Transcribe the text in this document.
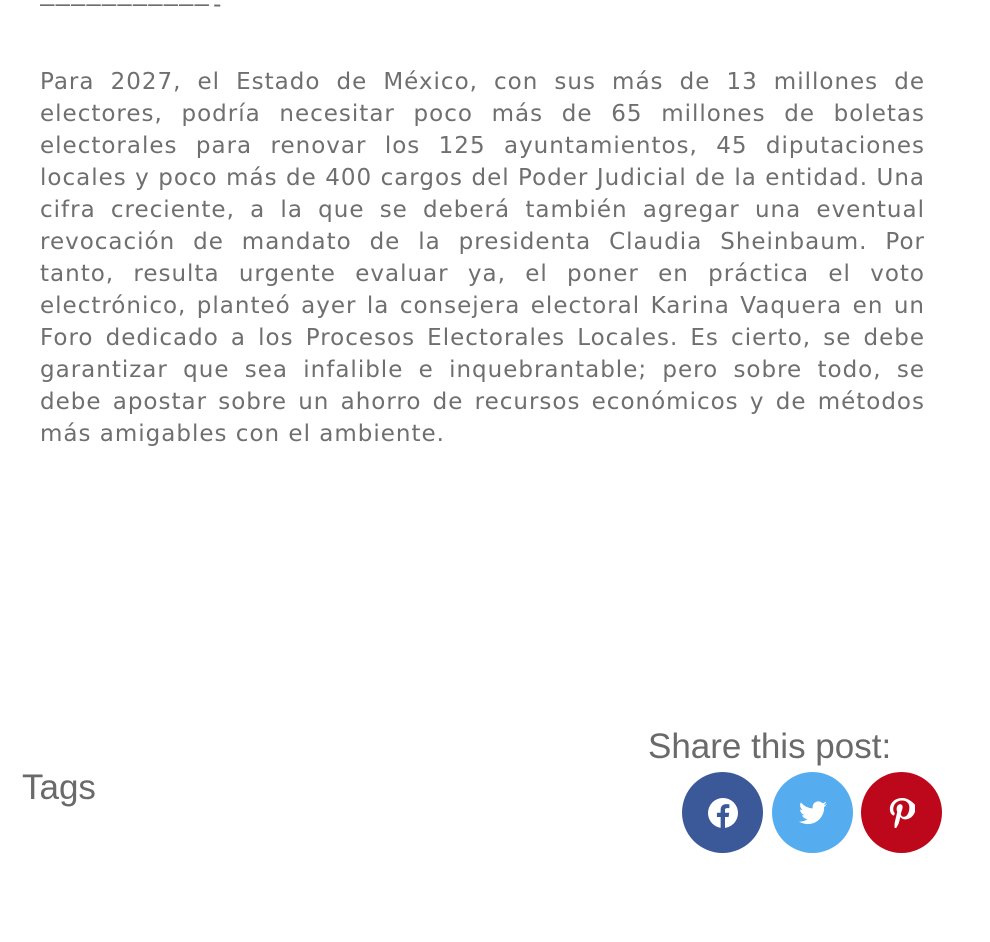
———————————-

Para 2027, el Estado de México, con sus más de 13 millones de electores, podría necesitar poco más de 65 millones de boletas electorales para renovar los 125 ayuntamientos, 45 diputaciones locales y poco más de 400 cargos del Poder Judicial de la entidad. Una cifra creciente, a la que se deberá también agregar una eventual revocación de mandato de la presidenta Claudia Sheinbaum. Por tanto, resulta urgente evaluar ya, el poner en práctica el voto electrónico, planteó ayer la consejera electoral Karina Vaquera en un Foro dedicado a los Procesos Electorales Locales. Es cierto, se debe garantizar que sea infalible e inquebrantable; pero sobre todo, se debe apostar sobre un ahorro de recursos económicos y de métodos más amigables con el ambiente.

Tags
Share this post:
